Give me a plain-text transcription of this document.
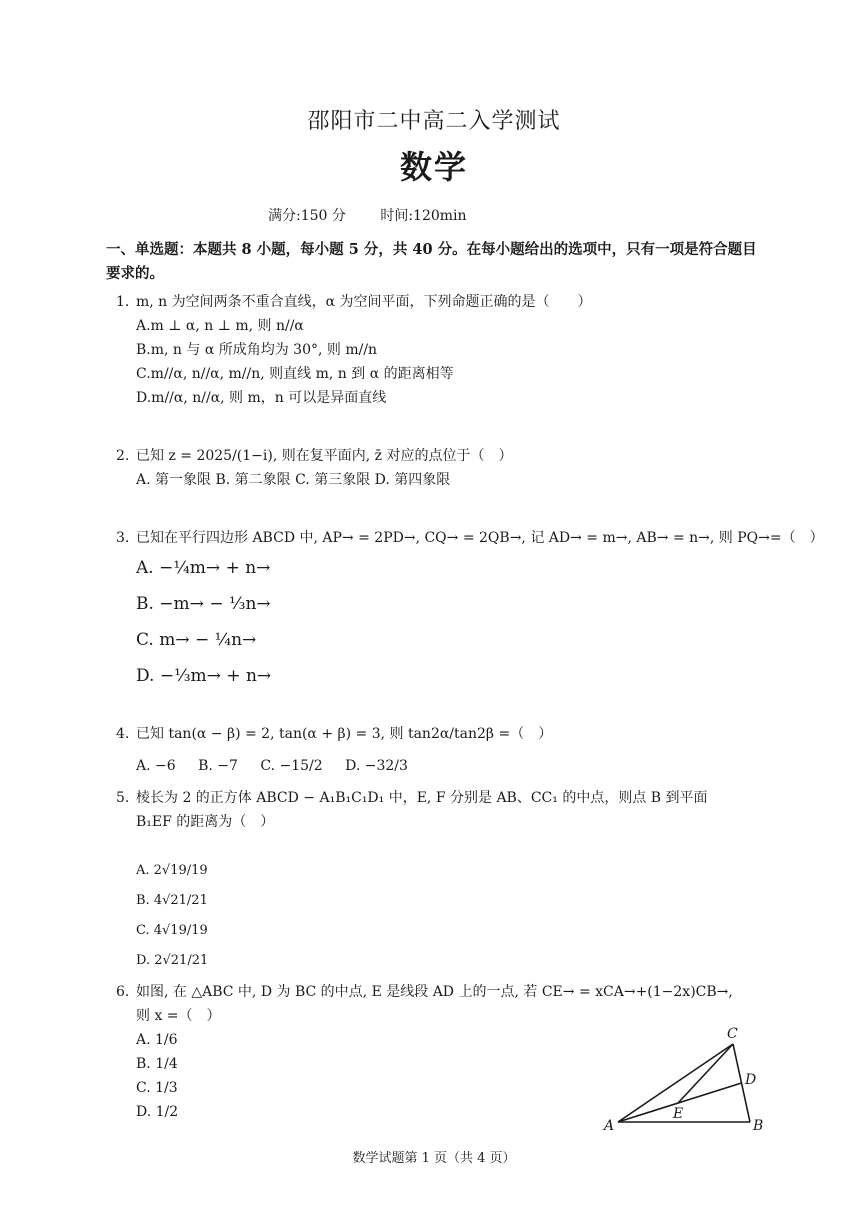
邵阳市二中高二入学测试
数学
满分:150 分 时间:120min
一、单选题：本题共 8 小题，每小题 5 分，共 40 分。在每小题给出的选项中，只有一项是符合题目要求的。
1. m, n 为空间两条不重合直线，α 为空间平面，下列命题正确的是（　　）
A.m ⊥ α, n ⊥ m, 则 n//α
B.m, n 与 α 所成角均为 30°, 则 m//n
C.m//α, n//α, m//n, 则直线 m, n 到 α 的距离相等
D.m//α, n//α, 则 m，n 可以是异面直线
2. 已知 z = 2025/(1−i), 则在复平面内, z̄ 对应的点位于（　）
A. 第一象限 B. 第二象限 C. 第三象限 D. 第四象限
3. 已知在平行四边形 ABCD 中, AP→ = 2PD→, CQ→ = 2QB→, 记 AD→ = m→, AB→ = n→, 则 PQ→=（　）
A. −¼m→ + n→
B. −m→ − ⅓n→
C. m→ − ¼n→
D. −⅓m→ + n→
4. 已知 tan(α − β) = 2, tan(α + β) = 3, 则 tan2α/tan2β =（　）
A. −6 B. −7 C. −15/2 D. −32/3
5. 棱长为 2 的正方体 ABCD − A₁B₁C₁D₁ 中，E, F 分别是 AB、CC₁ 的中点，则点 B 到平面
B₁EF 的距离为（　）
A. 2√19/19
B. 4√21/21
C. 4√19/19
D. 2√21/21
6. 如图, 在 △ABC 中, D 为 BC 的中点, E 是线段 AD 上的一点, 若 CE→ = xCA→+(1−2x)CB→,
则 x =（　）
A. 1/6
B. 1/4
C. 1/3
D. 1/2
A	B
C
D
E
数学试题第 1 页（共 4 页）
